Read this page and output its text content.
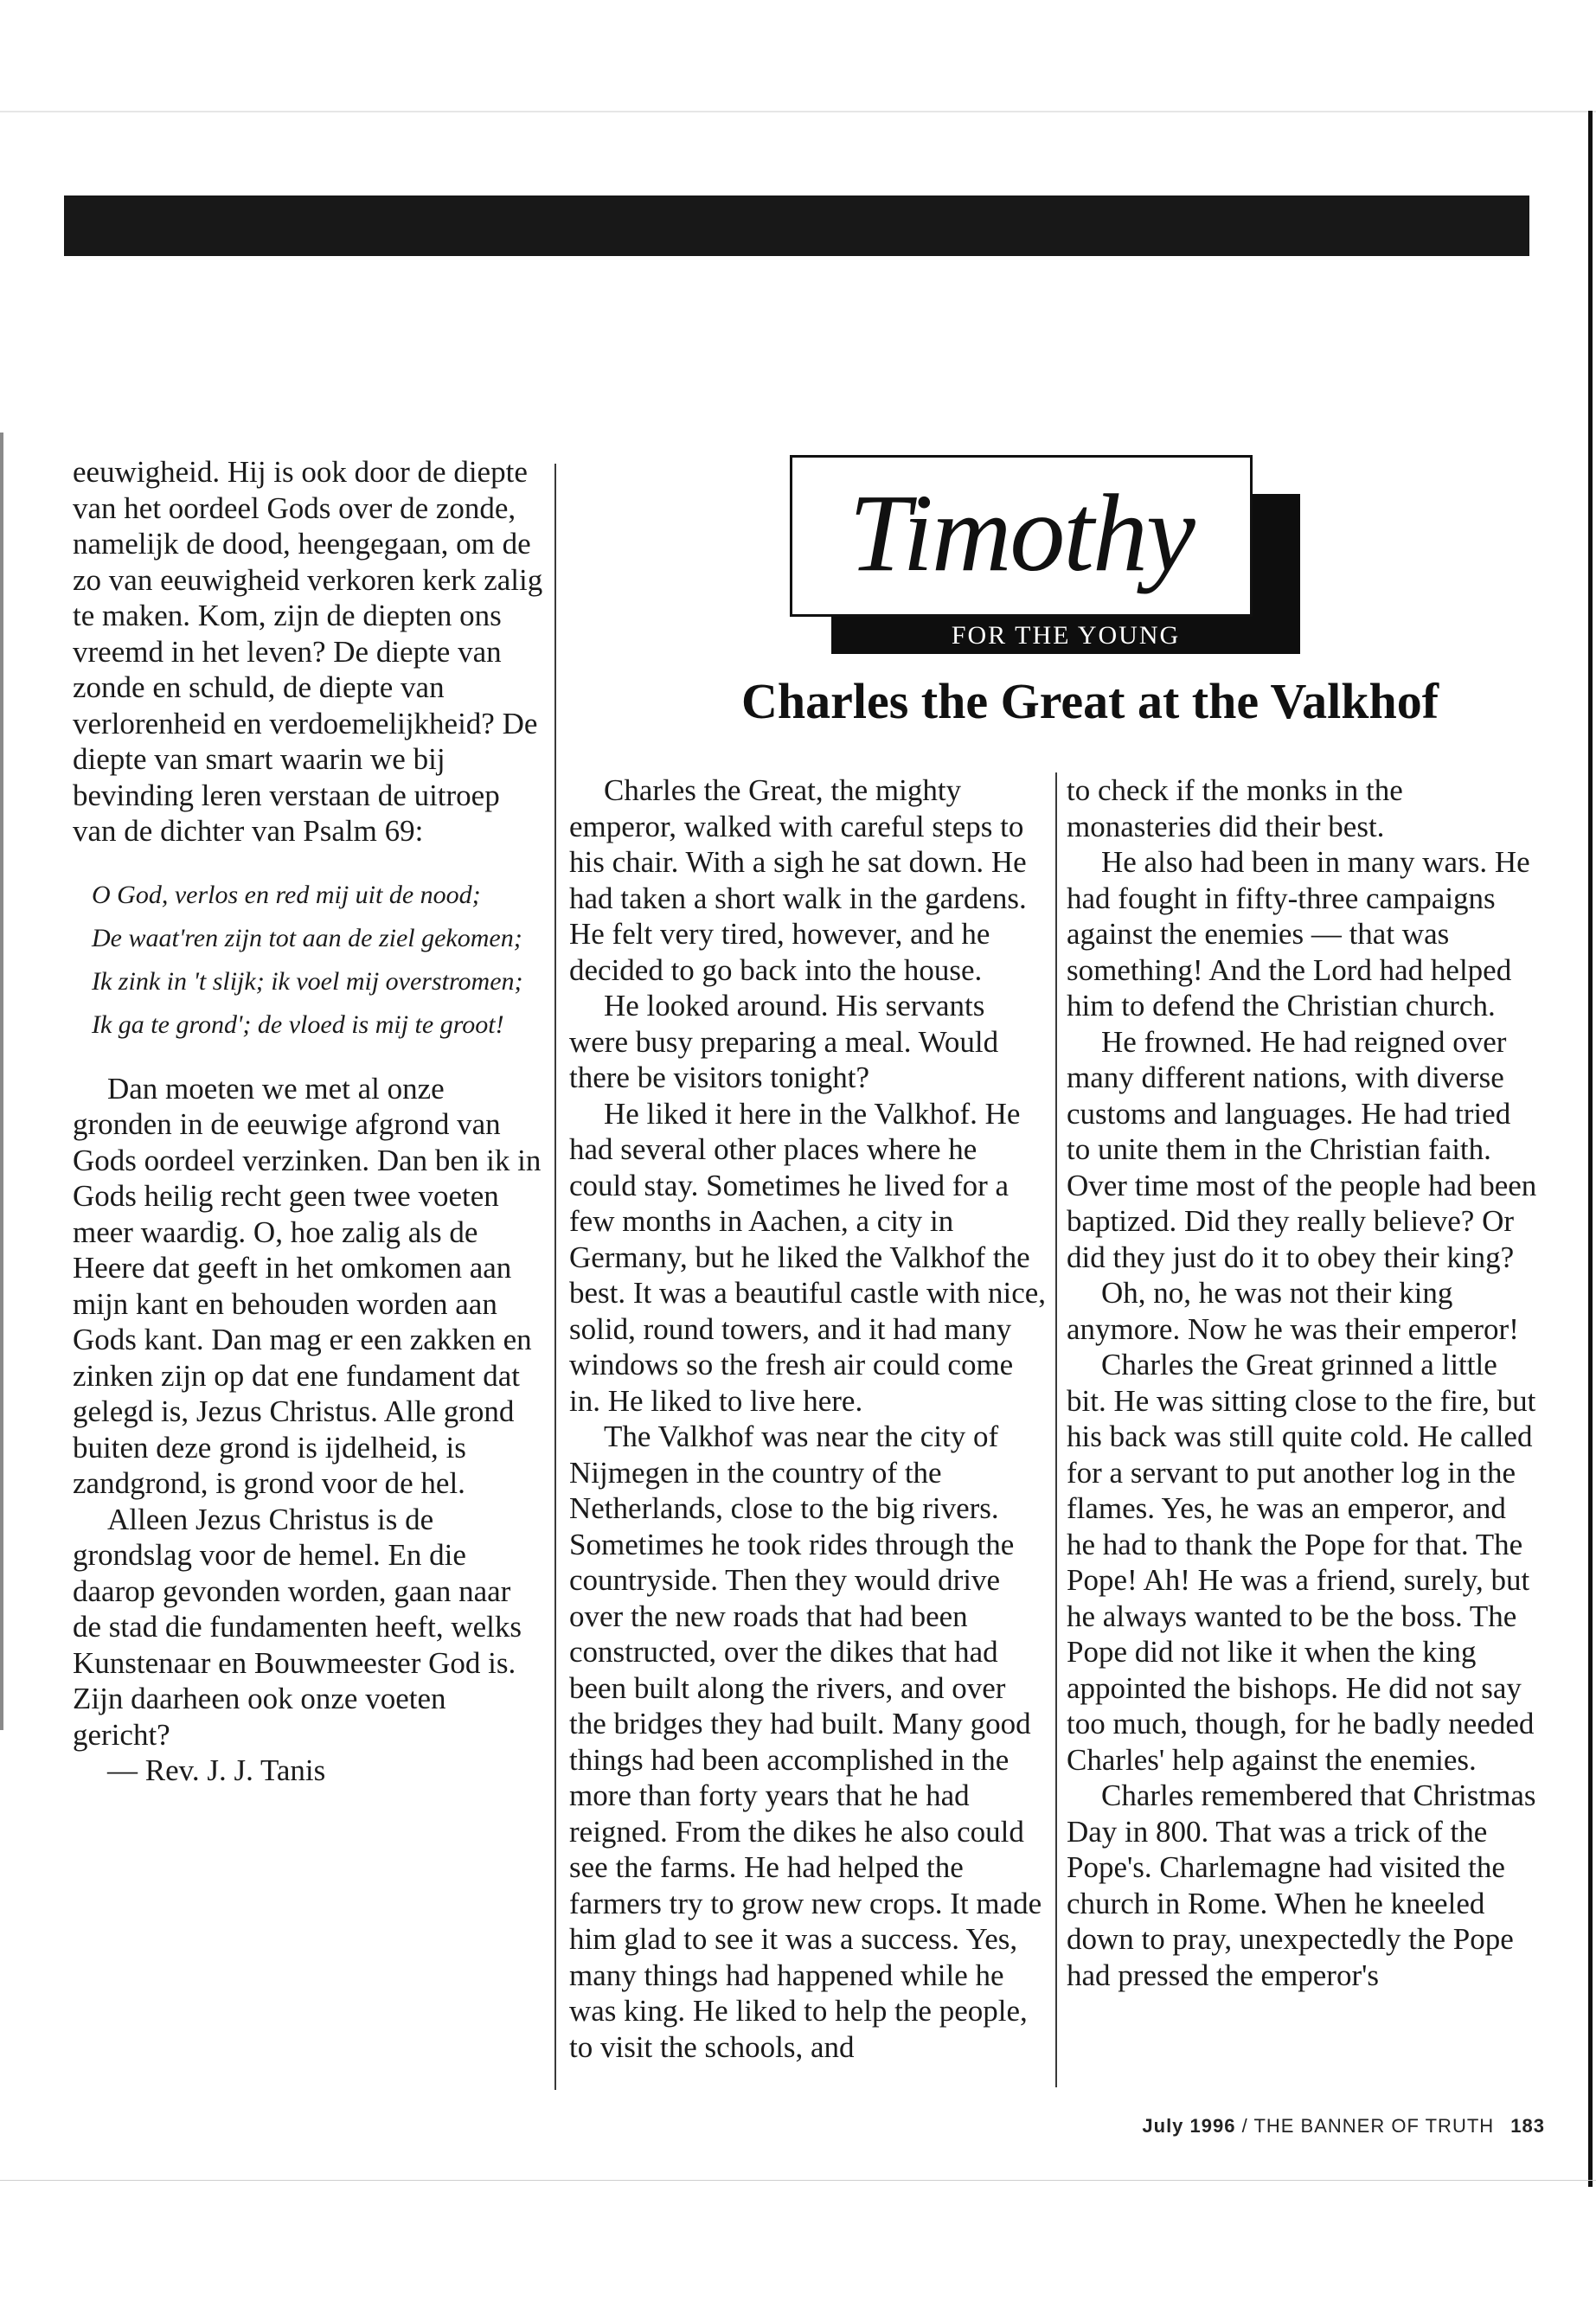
eeuwigheid. Hij is ook door de diepte van het oordeel Gods over de zonde, namelijk de dood, heengegaan, om de zo van eeuwigheid verkoren kerk zalig te maken. Kom, zijn de diepten ons vreemd in het leven? De diepte van zonde en schuld, de diepte van verlorenheid en verdoemelijkheid? De diepte van smart waarin we bij bevinding leren verstaan de uitroep van de dichter van Psalm 69:

O God, verlos en red mij uit de nood;
De waat'ren zijn tot aan de ziel gekomen;
Ik zink in 't slijk; ik voel mij overstromen;
Ik ga te grond'; de vloed is mij te groot!

Dan moeten we met al onze gronden in de eeuwige afgrond van Gods oordeel verzinken. Dan ben ik in Gods heilig recht geen twee voeten meer waardig. O, hoe zalig als de Heere dat geeft in het omkomen aan mijn kant en behouden worden aan Gods kant. Dan mag er een zakken en zinken zijn op dat ene fundament dat gelegd is, Jezus Christus. Alle grond buiten deze grond is ijdelheid, is zandgrond, is grond voor de hel.

Alleen Jezus Christus is de grondslag voor de hemel. En die daarop gevonden worden, gaan naar de stad die fundamenten heeft, welks Kunstenaar en Bouwmeester God is. Zijn daarheen ook onze voeten gericht?

— Rev. J. J. Tanis

Timothy
FOR THE YOUNG
Charles the Great at the Valkhof

Charles the Great, the mighty emperor, walked with careful steps to his chair. With a sigh he sat down. He had taken a short walk in the gardens. He felt very tired, however, and he decided to go back into the house.

He looked around. His servants were busy preparing a meal. Would there be visitors tonight?

He liked it here in the Valkhof. He had several other places where he could stay. Sometimes he lived for a few months in Aachen, a city in Germany, but he liked the Valkhof the best. It was a beautiful castle with nice, solid, round towers, and it had many windows so the fresh air could come in. He liked to live here.

The Valkhof was near the city of Nijmegen in the country of the Netherlands, close to the big rivers. Sometimes he took rides through the countryside. Then they would drive over the new roads that had been constructed, over the dikes that had been built along the rivers, and over the bridges they had built. Many good things had been accomplished in the more than forty years that he had reigned. From the dikes he also could see the farms. He had helped the farmers try to grow new crops. It made him glad to see it was a success. Yes, many things had happened while he was king. He liked to help the people, to visit the schools, and

to check if the monks in the monasteries did their best.

He also had been in many wars. He had fought in fifty-three campaigns against the enemies — that was something! And the Lord had helped him to defend the Christian church.

He frowned. He had reigned over many different nations, with diverse customs and languages. He had tried to unite them in the Christian faith. Over time most of the people had been baptized. Did they really believe? Or did they just do it to obey their king?

Oh, no, he was not their king anymore. Now he was their emperor!

Charles the Great grinned a little bit. He was sitting close to the fire, but his back was still quite cold. He called for a servant to put another log in the flames. Yes, he was an emperor, and he had to thank the Pope for that. The Pope! Ah! He was a friend, surely, but he always wanted to be the boss. The Pope did not like it when the king appointed the bishops. He did not say too much, though, for he badly needed Charles' help against the enemies.

Charles remembered that Christmas Day in 800. That was a trick of the Pope's. Charlemagne had visited the church in Rome. When he kneeled down to pray, unexpectedly the Pope had pressed the emperor's

July 1996 / THE BANNER OF TRUTH 183
